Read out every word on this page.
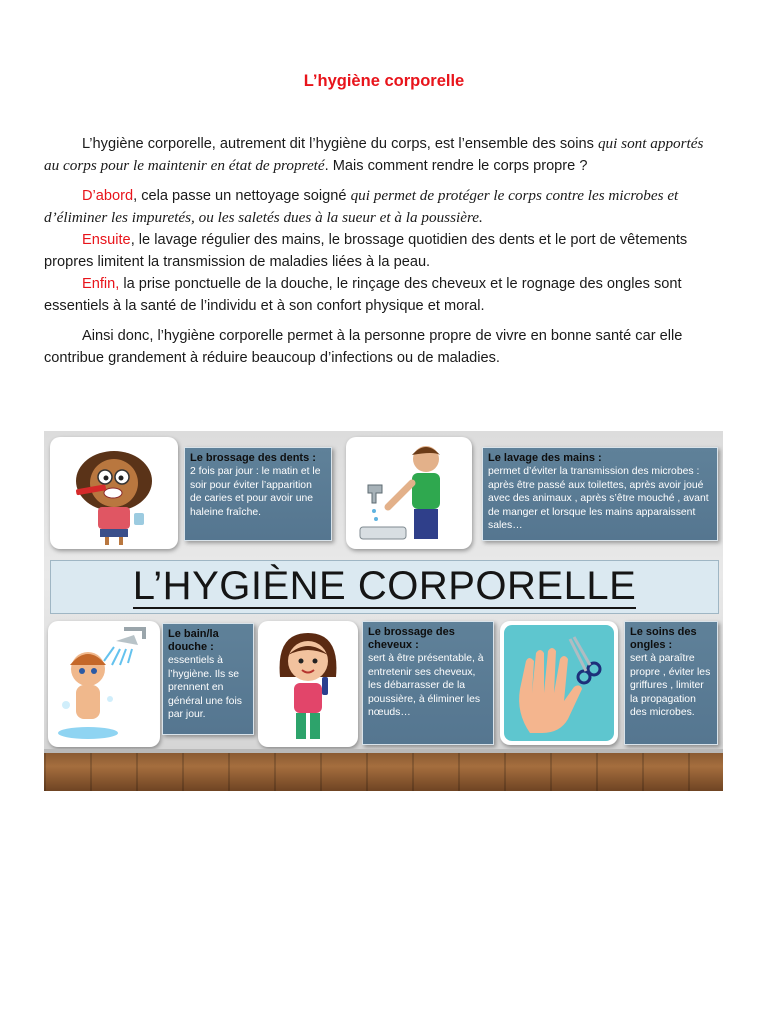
L’hygiène corporelle

L’hygiène corporelle, autrement dit l’hygiène du corps, est l’ensemble des soins qui sont apportés au corps pour le maintenir en état de propreté. Mais comment rendre le corps propre ?

D’abord, cela passe un nettoyage soigné qui permet de protéger le corps contre les microbes et d’éliminer les impuretés, ou les saletés dues à la sueur et à la poussière.

Ensuite, le lavage régulier des mains, le brossage quotidien des dents et le port de vêtements propres limitent la transmission de maladies liées à la peau.

Enfin, la prise ponctuelle de la douche, le rinçage des cheveux et le rognage des ongles sont essentiels à la santé de l’individu et à son confort physique et moral.

Ainsi donc, l’hygiène corporelle permet à la personne propre de vivre en bonne santé car elle contribue grandement à réduire beaucoup d’infections ou de maladies.

Le brossage des dents :
2 fois par jour : le matin et le soir pour éviter l’apparition de caries et pour avoir une haleine fraîche.
Le lavage des mains :
permet d’éviter la transmission des microbes : après être passé aux toilettes, après avoir joué avec des animaux , après s’être mouché , avant de manger et lorsque les mains apparaissent sales…
L’HYGIÈNE CORPORELLE
Le bain/la douche :
essentiels à l’hygiène. Ils se prennent en général une fois par jour.
Le brossage des cheveux :
sert à être présentable, à entretenir ses cheveux, les débarrasser de la poussière, à éliminer les nœuds…
Le soins des ongles :
sert à paraître propre , éviter les griffures , limiter la propagation des microbes.
